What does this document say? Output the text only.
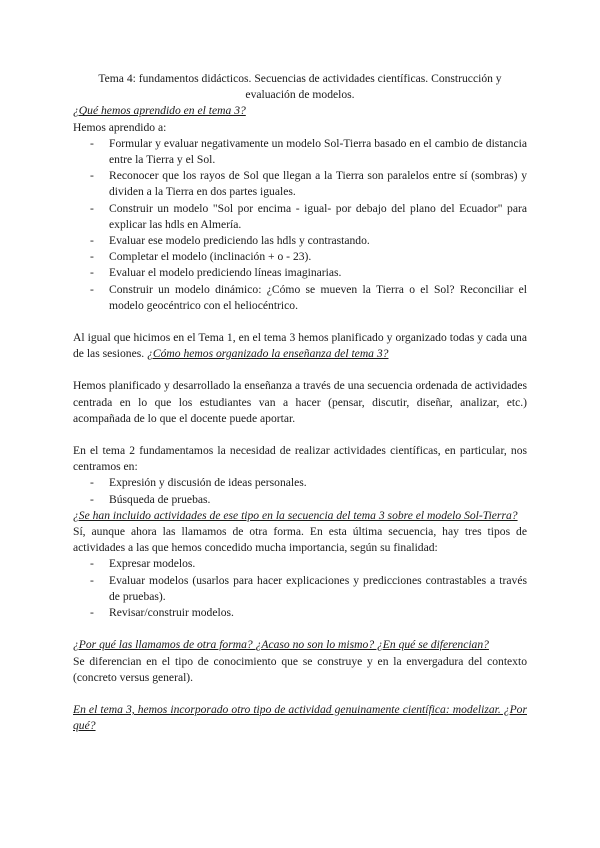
Tema 4: fundamentos didácticos. Secuencias de actividades científicas. Construcción y evaluación de modelos.

¿Qué hemos aprendido en el tema 3?

Hemos aprendido a:

- Formular y evaluar negativamente un modelo Sol-Tierra basado en el cambio de distancia entre la Tierra y el Sol.
- Reconocer que los rayos de Sol que llegan a la Tierra son paralelos entre sí (sombras) y dividen a la Tierra en dos partes iguales.
- Construir un modelo "Sol por encima - igual- por debajo del plano del Ecuador" para explicar las hdls en Almería.
- Evaluar ese modelo prediciendo las hdls y contrastando.
- Completar el modelo (inclinación + o - 23).
- Evaluar el modelo prediciendo líneas imaginarias.
- Construir un modelo dinámico: ¿Cómo se mueven la Tierra o el Sol? Reconciliar el modelo geocéntrico con el heliocéntrico.

Al igual que hicimos en el Tema 1, en el tema 3 hemos planificado y organizado todas y cada una de las sesiones. ¿Cómo hemos organizado la enseñanza del tema 3?

Hemos planificado y desarrollado la enseñanza a través de una secuencia ordenada de actividades centrada en lo que los estudiantes van a hacer (pensar, discutir, diseñar, analizar, etc.) acompañada de lo que el docente puede aportar.

En el tema 2 fundamentamos la necesidad de realizar actividades científicas, en particular, nos centramos en:

- Expresión y discusión de ideas personales.
- Búsqueda de pruebas.

¿Se han incluido actividades de ese tipo en la secuencia del tema 3 sobre el modelo Sol-Tierra?

Sí, aunque ahora las llamamos de otra forma. En esta última secuencia, hay tres tipos de actividades a las que hemos concedido mucha importancia, según su finalidad:

- Expresar modelos.
- Evaluar modelos (usarlos para hacer explicaciones y predicciones contrastables a través de pruebas).
- Revisar/construir modelos.

¿Por qué las llamamos de otra forma? ¿Acaso no son lo mismo? ¿En qué se diferencian?

Se diferencian en el tipo de conocimiento que se construye y en la envergadura del contexto (concreto versus general).

En el tema 3, hemos incorporado otro tipo de actividad genuinamente científica: modelizar. ¿Por qué?
